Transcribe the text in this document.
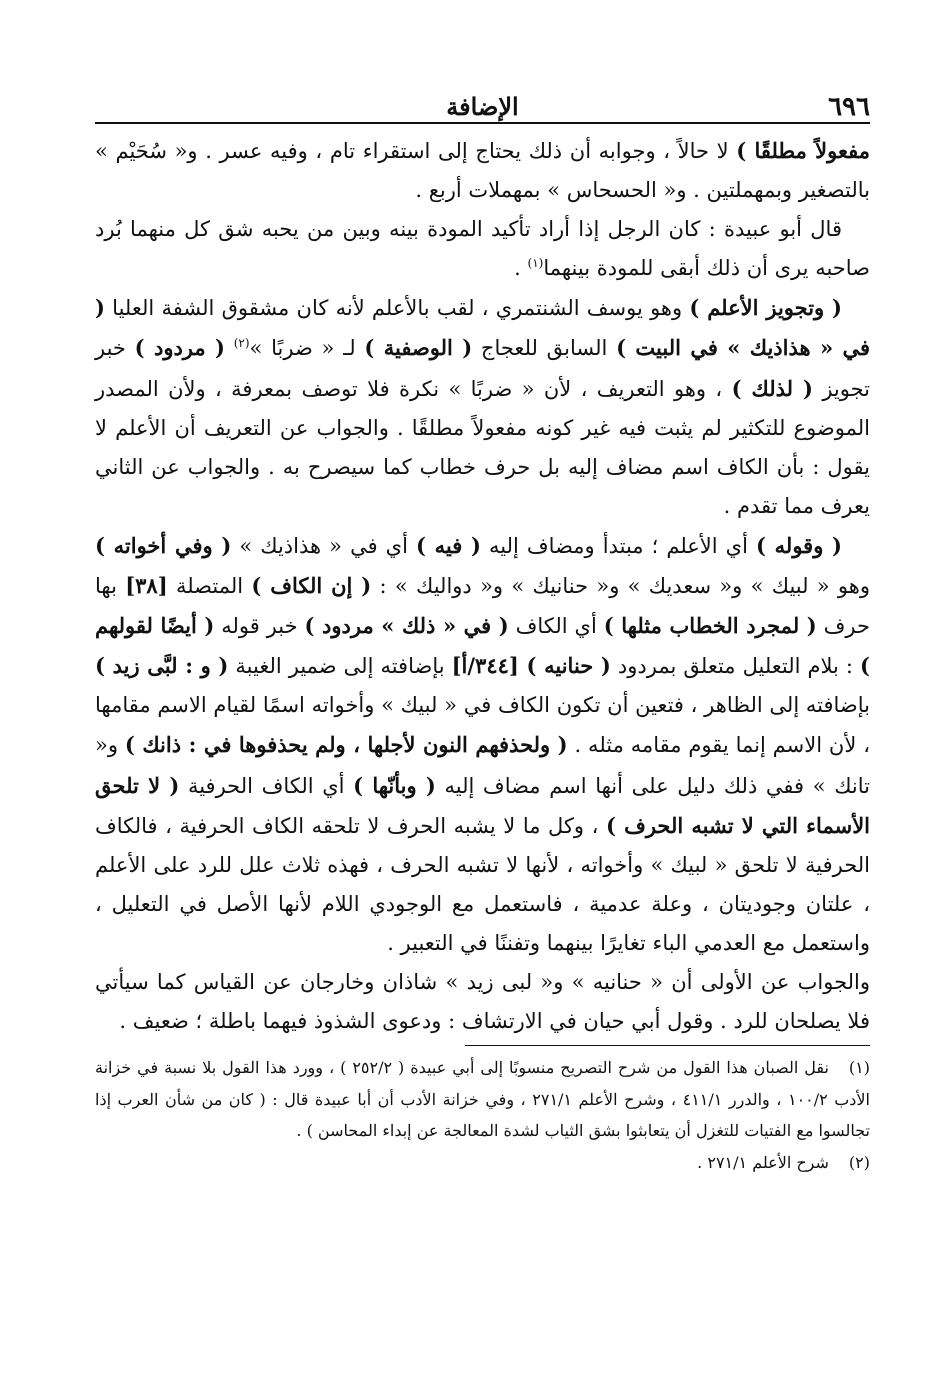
٦٩٦
الإضافة

مفعولاً مطلقًا ) لا حالاً ، وجوابه أن ذلك يحتاج إلى استقراء تام ، وفيه عسر . و« سُحَيْم » بالتصغير وبمهملتين . و« الحسحاس » بمهملات أربع .

قال أبو عبيدة : كان الرجل إذا أراد تأكيد المودة بينه وبين من يحبه شق كل منهما بُرد صاحبه يرى أن ذلك أبقى للمودة بينهما$^{(١)}$ .

( وتجويز الأعلم ) وهو يوسف الشنتمري ، لقب بالأعلم لأنه كان مشقوق الشفة العليا ( في « هذاذيك » في البيت ) السابق للعجاج ( الوصفية ) لـ « ضربًا »$^{(٢)}$ ( مردود ) خبر تجويز ( لذلك ) ، وهو التعريف ، لأن « ضربًا » نكرة فلا توصف بمعرفة ، ولأن المصدر الموضوع للتكثير لم يثبت فيه غير كونه مفعولاً مطلقًا . والجواب عن التعريف أن الأعلم لا يقول : بأن الكاف اسم مضاف إليه بل حرف خطاب كما سيصرح به . والجواب عن الثاني يعرف مما تقدم .

( وقوله ) أي الأعلم ؛ مبتدأ ومضاف إليه ( فيه ) أي في « هذاذيك » ( وفي أخواته ) وهو « لبيك » و« سعديك » و« حنانيك » و« دواليك » : ( إن الكاف ) المتصلة [٣٨] بها حرف ( لمجرد الخطاب مثلها ) أي الكاف ( في « ذلك » مردود ) خبر قوله ( أيضًا لقولهم ) : بلام التعليل متعلق بمردود ( حنانيه ) [٣٤٤/أ] بإضافته إلى ضمير الغيبة ( و : لبَّى زيد ) بإضافته إلى الظاهر ، فتعين أن تكون الكاف في « لبيك » وأخواته اسمًا لقيام الاسم مقامها ، لأن الاسم إنما يقوم مقامه مثله . ( ولحذفهم النون لأجلها ، ولم يحذفوها في : ذانك ) و« تانك » ففي ذلك دليل على أنها اسم مضاف إليه ( وبأنّها ) أي الكاف الحرفية ( لا تلحق الأسماء التي لا تشبه الحرف ) ، وكل ما لا يشبه الحرف لا تلحقه الكاف الحرفية ، فالكاف الحرفية لا تلحق « لبيك » وأخواته ، لأنها لا تشبه الحرف ، فهذه ثلاث علل للرد على الأعلم ، علتان وجوديتان ، وعلة عدمية ، فاستعمل مع الوجودي اللام لأنها الأصل في التعليل ، واستعمل مع العدمي الباء تغايرًا بينهما وتفننًا في التعبير .

والجواب عن الأولى أن « حنانيه » و« لبى زيد » شاذان وخارجان عن القياس كما سيأتي فلا يصلحان للرد . وقول أبي حيان في الارتشاف : ودعوى الشذوذ فيهما باطلة ؛ ضعيف .

(١)نقل الصبان هذا القول من شرح التصريح منسوبًا إلى أبي عبيدة ( ٢٥٢/٢ ) ، وورد هذا القول بلا نسبة في خزانة الأدب ١٠٠/٢ ، والدرر ٤١١/١ ، وشرح الأعلم ٢٧١/١ ، وفي خزانة الأدب أن أبا عبيدة قال : ( كان من شأن العرب إذا تجالسوا مع الفتيات للتغزل أن يتعابثوا بشق الثياب لشدة المعالجة عن إبداء المحاسن ) .

(٢)شرح الأعلم ٢٧١/١ .
